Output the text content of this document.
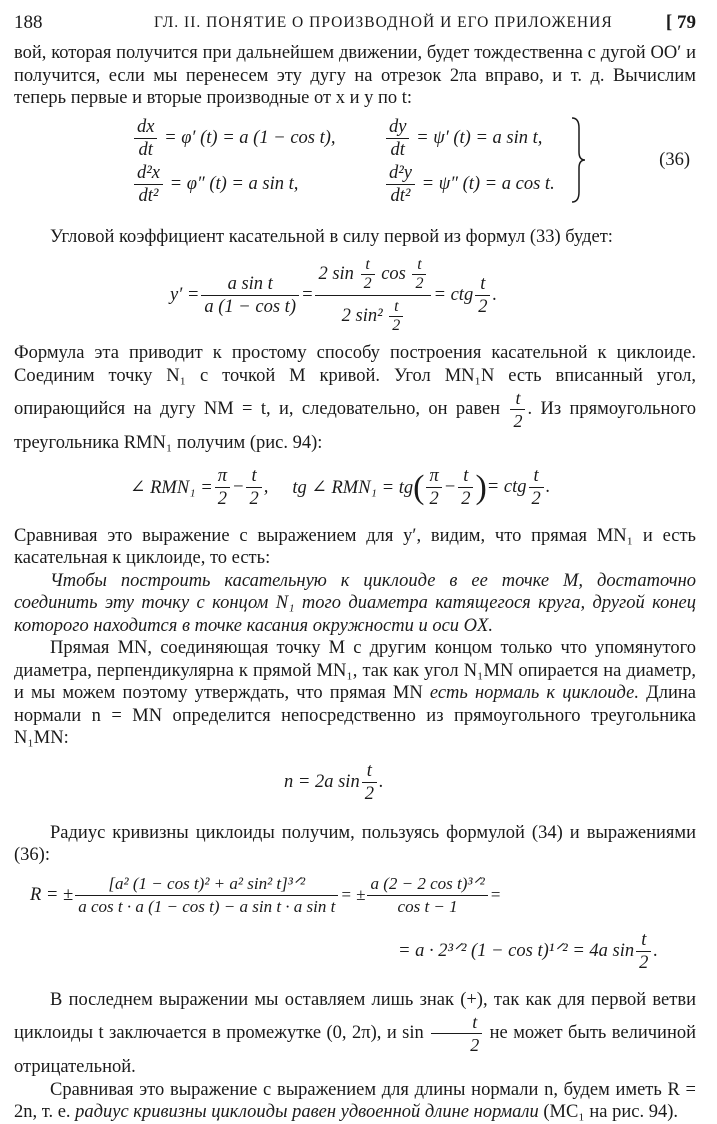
188	ГЛ. II. ПОНЯТИЕ О ПРОИЗВОДНОЙ И ЕГО ПРИЛОЖЕНИЯ	[ 79

вой, которая получится при дальнейшем движении, будет тождественна с дугой OO′ и получится, если мы перенесем эту дугу на отрезок 2πa вправо, и т. д. Вычислим теперь первые и вторые производные от x и y по t:

$\frac{dx}{dt} = \varphi'$ (t) = a (1 − cos t),	$\frac{dy}{dt} = \psi'$ (t) = a sin t,
$\frac{\text{d²x}}{\text{dt²}} = \varphi''$ (t) = a sin t,	$\frac{\text{d²y}}{\text{dt²}} = \psi''$ (t) = a cos t.
(36)

Угловой коэффициент касательной в силу первой из формул (33) будет:

$y' = \frac{\text{a sin t}}{\text{a (1 − cos t)}} = \frac{2 \sin \frac{t}{2} \cos \frac{t}{2}}{2 \sin^2 \frac{t}{2}}$ = ctg $\frac{t}{2}$ .

Формула эта приводит к простому способу построения касательной к циклоиде. Соединим точку N₁ с точкой M кривой. Угол MN₁N есть вписанный угол, опирающийся на дугу NM = t, и, следовательно, он равен $\frac{t}{2}$ . Из прямоугольного треугольника RMN₁ получим (рис. 94):

∠ $RMN_1 = \frac{\pi}{2} - \frac{t}{2}$ , tg ∠ RMN₁ = tg ( $\frac{\pi}{2} - \frac{t}{2}$ ) = ctg $\frac{t}{2}$ .

Сравнивая это выражение с выражением для y′, видим, что прямая MN₁ и есть касательная к циклоиде, то есть:

Чтобы построить касательную к циклоиде в ее точке M, достаточно соединить эту точку с концом N₁ того диаметра катящегося круга, другой конец которого находится в точке касания окружности и оси OX.

Прямая MN, соединяющая точку M с другим концом только что упомянутого диаметра, перпендикулярна к прямой MN₁, так как угол N₁MN опирается на диаметр, и мы можем поэтому утверждать, что прямая MN есть нормаль к циклоиде. Длина нормали n = MN определится непосредственно из прямоугольного треугольника N₁MN:

n = 2a $\sin \frac{t}{2}$ .

Радиус кривизны циклоиды получим, пользуясь формулой (34) и выражениями (36):

R = ± $\frac{\text{[a² (1 − cos t)² + a² sin² t]³ᐟ²}}{\text{a cos t · a (1 − cos t) − a sin t · a sin t}}$ = ± $\frac{\text{a (2 − 2 cos t)³ᐟ²}}{\text{cos t − 1}}$ =
= a · 2³ᐟ² (1 − cos t)¹ᐟ² = 4a $\sin \frac{t}{2}$ .

В последнем выражении мы оставляем лишь знак (+), так как для первой ветви циклоиды t заключается в промежутке (0, 2π), и $\sin \frac{t}{2}$ не может быть величиной отрицательной.

Сравнивая это выражение с выражением для длины нормали n, будем иметь R = 2n, т. е. радиус кривизны циклоиды равен удвоенной длине нормали (MC₁ на рис. 94).
